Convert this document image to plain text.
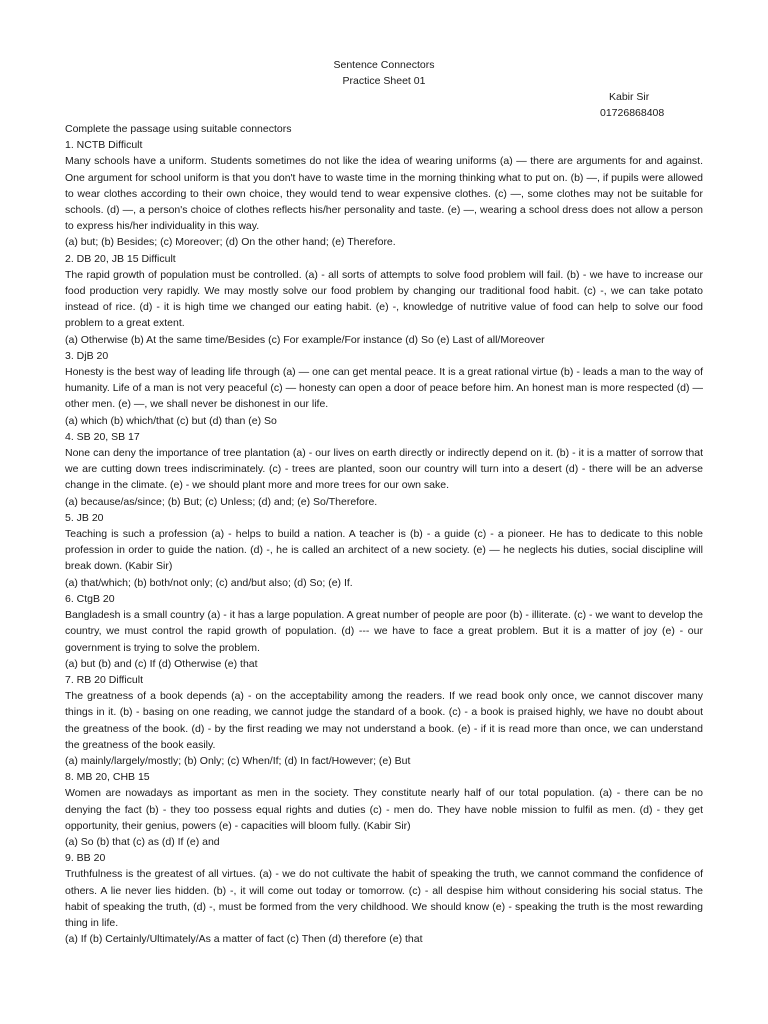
Sentence Connectors
Practice Sheet 01
Kabir Sir
01726868408

Complete the passage using suitable connectors

1. NCTB Difficult

Many schools have a uniform. Students sometimes do not like the idea of wearing uniforms (a) — there are arguments for and against. One argument for school uniform is that you don't have to waste time in the morning thinking what to put on. (b) —, if pupils were allowed to wear clothes according to their own choice, they would tend to wear expensive clothes. (c) —, some clothes may not be suitable for schools. (d) —, a person's choice of clothes reflects his/her personality and taste. (e) —, wearing a school dress does not allow a person to express his/her individuality in this way.

(a) but; (b) Besides; (c) Moreover; (d) On the other hand; (e) Therefore.

2. DB 20, JB 15 Difficult

The rapid growth of population must be controlled. (a) - all sorts of attempts to solve food problem will fail. (b) - we have to increase our food production very rapidly. We may mostly solve our food problem by changing our traditional food habit. (c) -, we can take potato instead of rice. (d) - it is high time we changed our eating habit. (e) -, knowledge of nutritive value of food can help to solve our food problem to a great extent.

(a) Otherwise (b) At the same time/Besides (c) For example/For instance (d) So (e) Last of all/Moreover

3. DjB 20

Honesty is the best way of leading life through (a) — one can get mental peace. It is a great rational virtue (b) - leads a man to the way of humanity. Life of a man is not very peaceful (c) — honesty can open a door of peace before him. An honest man is more respected (d) — other men. (e) —, we shall never be dishonest in our life.

(a) which (b) which/that (c) but (d) than (e) So

4. SB 20, SB 17

None can deny the importance of tree plantation (a) - our lives on earth directly or indirectly depend on it. (b) - it is a matter of sorrow that we are cutting down trees indiscriminately. (c) - trees are planted, soon our country will turn into a desert (d) - there will be an adverse change in the climate. (e) - we should plant more and more trees for our own sake.

(a) because/as/since; (b) But; (c) Unless; (d) and; (e) So/Therefore.

5. JB 20

Teaching is such a profession (a) - helps to build a nation. A teacher is (b) - a guide (c) - a pioneer. He has to dedicate to this noble profession in order to guide the nation. (d) -, he is called an architect of a new society. (e) — he neglects his duties, social discipline will break down. (Kabir Sir)

(a) that/which; (b) both/not only; (c) and/but also; (d) So; (e) If.

6. CtgB 20

Bangladesh is a small country (a) - it has a large population. A great number of people are poor (b) - illiterate. (c) - we want to develop the country, we must control the rapid growth of population. (d) --- we have to face a great problem. But it is a matter of joy (e) - our government is trying to solve the problem.

(a) but (b) and (c) If (d) Otherwise (e) that

7. RB 20 Difficult

The greatness of a book depends (a) - on the acceptability among the readers. If we read book only once, we cannot discover many things in it. (b) - basing on one reading, we cannot judge the standard of a book. (c) - a book is praised highly, we have no doubt about the greatness of the book. (d) - by the first reading we may not understand a book. (e) - if it is read more than once, we can understand the greatness of the book easily.

(a) mainly/largely/mostly; (b) Only; (c) When/If; (d) In fact/However; (e) But

8. MB 20, CHB 15

Women are nowadays as important as men in the society. They constitute nearly half of our total population. (a) - there can be no denying the fact (b) - they too possess equal rights and duties (c) - men do. They have noble mission to fulfil as men. (d) - they get opportunity, their genius, powers (e) - capacities will bloom fully. (Kabir Sir)

(a) So (b) that (c) as (d) If (e) and

9. BB 20

Truthfulness is the greatest of all virtues. (a) - we do not cultivate the habit of speaking the truth, we cannot command the confidence of others. A lie never lies hidden. (b) -, it will come out today or tomorrow. (c) - all despise him without considering his social status. The habit of speaking the truth, (d) -, must be formed from the very childhood. We should know (e) - speaking the truth is the most rewarding thing in life.

(a) If (b) Certainly/Ultimately/As a matter of fact (c) Then (d) therefore (e) that
